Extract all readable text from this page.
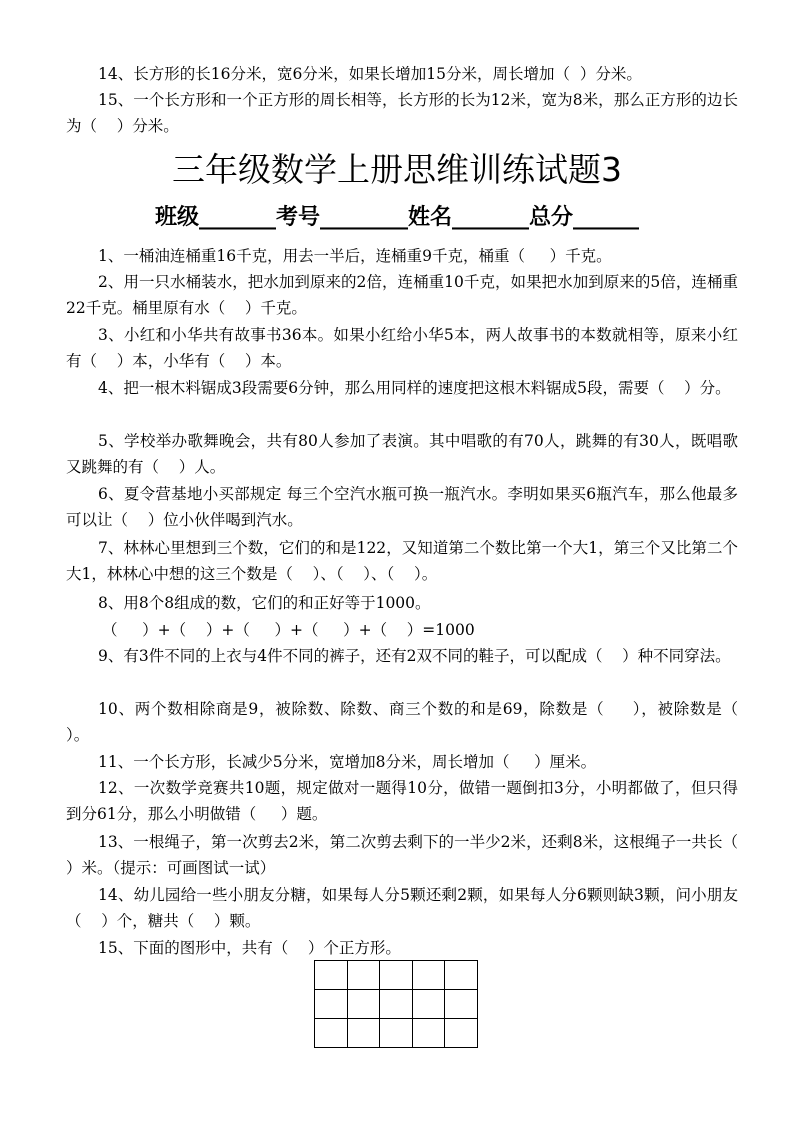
14、长方形的长16分米，宽6分米，如果长增加15分米，周长增加（  ）分米。

15、一个长方形和一个正方形的周长相等，长方形的长为12米，宽为8米，那么正方形的边长为（    ）分米。

三年级数学上册思维训练试题3

班级_______考号________姓名_______总分______

1、一桶油连桶重16千克，用去一半后，连桶重9千克，桶重（     ）千克。

2、用一只水桶装水，把水加到原来的2倍，连桶重10千克，如果把水加到原来的5倍，连桶重22千克。桶里原有水（    ）千克。

3、小红和小华共有故事书36本。如果小红给小华5本，两人故事书的本数就相等，原来小红有（    ）本，小华有（    ）本。

4、把一根木料锯成3段需要6分钟，那么用同样的速度把这根木料锯成5段，需要（    ）分。

5、学校举办歌舞晚会，共有80人参加了表演。其中唱歌的有70人，跳舞的有30人，既唱歌又跳舞的有（    ）人。

6、夏令营基地小买部规定 每三个空汽水瓶可换一瓶汽水。李明如果买6瓶汽车，那么他最多可以让（    ）位小伙伴喝到汽水。

7、林林心里想到三个数，它们的和是122，又知道第二个数比第一个大1，第三个又比第二个大1，林林心中想的这三个数是（    ）、（    ）、（    ）。

8、用8个8组成的数，它们的和正好等于1000。

（     ）+（    ）+（     ）+（     ）+（    ）=1000

9、有3件不同的上衣与4件不同的裤子，还有2双不同的鞋子，可以配成（    ）种不同穿法。

10、两个数相除商是9，被除数、除数、商三个数的和是69，除数是（     ），被除数是（    ）。

11、一个长方形，长减少5分米，宽增加8分米，周长增加（     ）厘米。

12、一次数学竞赛共10题，规定做对一题得10分，做错一题倒扣3分，小明都做了，但只得到分61分，那么小明做错（     ）题。

13、一根绳子，第一次剪去2米，第二次剪去剩下的一半少2米，还剩8米，这根绳子一共长（    ）米。（提示：可画图试一试）

14、幼儿园给一些小朋友分糖，如果每人分5颗还剩2颗，如果每人分6颗则缺3颗，问小朋友（    ）个，糖共（    ）颗。

15、下面的图形中，共有（    ）个正方形。
